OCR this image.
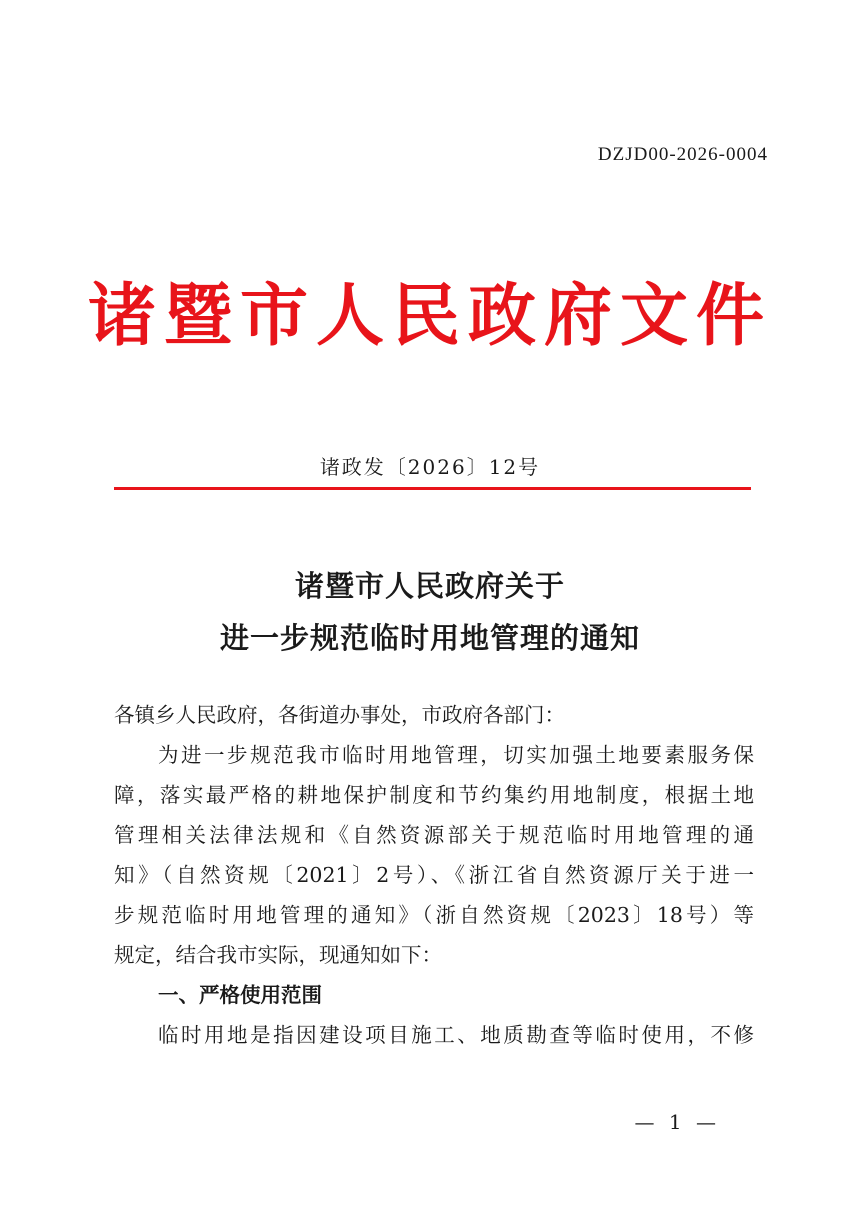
DZJD00-2026-0004
诸暨市人民政府文件
诸政发〔2026〕12号
诸暨市人民政府关于
进一步规范临时用地管理的通知

各镇乡人民政府，各街道办事处，市政府各部门：

为进一步规范我市临时用地管理，切实加强土地要素服务保
障，落实最严格的耕地保护制度和节约集约用地制度，根据土地
管理相关法律法规和《自然资源部关于规范临时用地管理的通
知》（自然资规〔2021〕2号）、《浙江省自然资源厅关于进一
步规范临时用地管理的通知》（浙自然资规〔2023〕18号）等
规定，结合我市实际，现通知如下：

一、严格使用范围

临时用地是指因建设项目施工、地质勘查等临时使用，不修

— 1 —
